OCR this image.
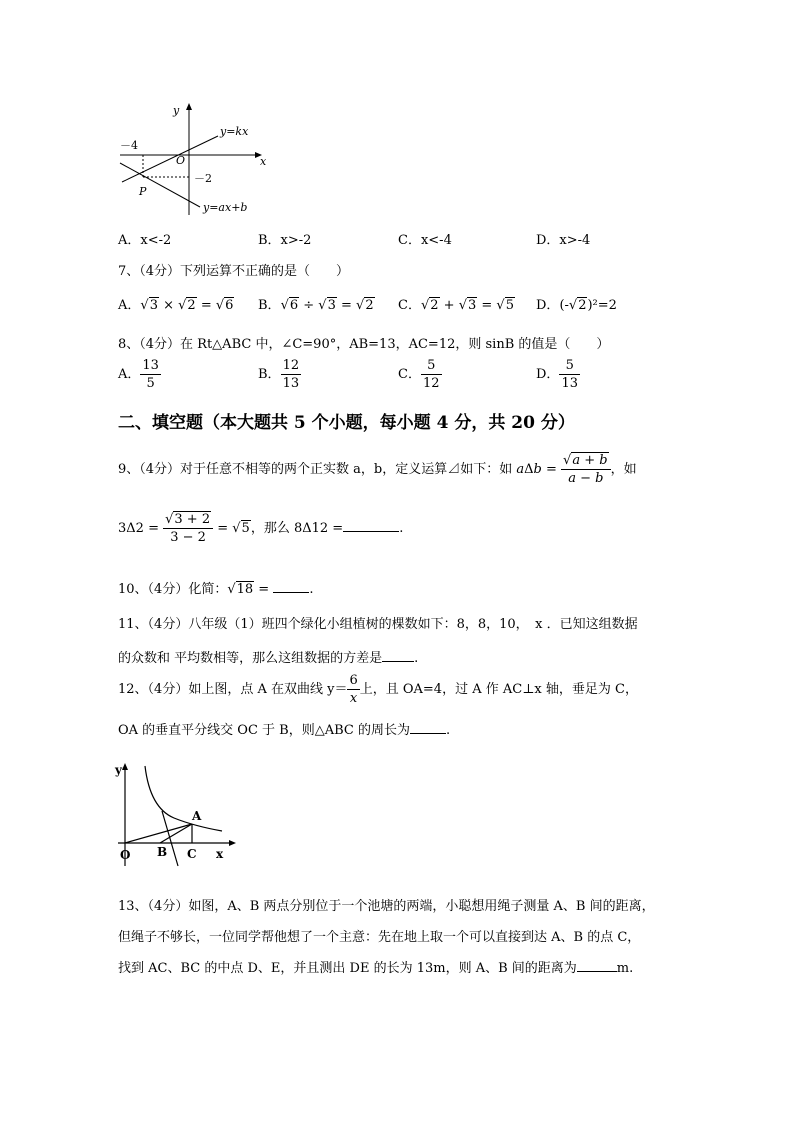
y
x
O
P
y=kx
y=ax+b
－4
－2
A．x<-2	B．x>-2	C．x<-4	D．x>-4
7、（4分）下列运算不正确的是（　　）
A．√3 × √2 = √6 B．√6 ÷ √3 = √2 C．√2 + √3 = √5 D．(-√2)²=2
8、（4分）在 Rt△ABC 中，∠C=90°，AB=13，AC=12，则 sinB 的值是（　　）
A． $\frac{13}{5}$	B． $\frac{12}{13}$	C． $\frac{5}{12}$	D． $\frac{5}{13}$
二、填空题（本大题共 5 个小题，每小题 4 分，共 20 分）
9、（4分）对于任意不相等的两个正实数 a，b，定义运算⊿如下：如 $a\Delta b = \frac{√a + b}{a - b}$ ，如
$3\Delta 2 = \frac{√3 + 2}{3 - 2} = √5$，那么 8Δ12 =	.
10、（4分）化简：√18 =	.
11、（4分）八年级（1）班四个绿化小组植树的棵数如下：8，8，10，　x ．已知这组数据
的众数和 平均数相等，那么这组数据的方差是 .
12、（4分）如上图，点 A 在双曲线 $y= \frac{6}{x}$ 上，且 OA=4，过 A 作 AC⊥x 轴，垂足为 C，
OA 的垂直平分线交 OC 于 B，则△ABC 的周长为	.
y
x
O B C
A
13、（4分）如图，A、B 两点分别位于一个池塘的两端，小聪想用绳子测量 A、B 间的距离，
但绳子不够长，一位同学帮他想了一个主意：先在地上取一个可以直接到达 A、B 的点 C，
找到 AC、BC 的中点 D、E，并且测出 DE 的长为 13m，则 A、B 间的距离为	m.
